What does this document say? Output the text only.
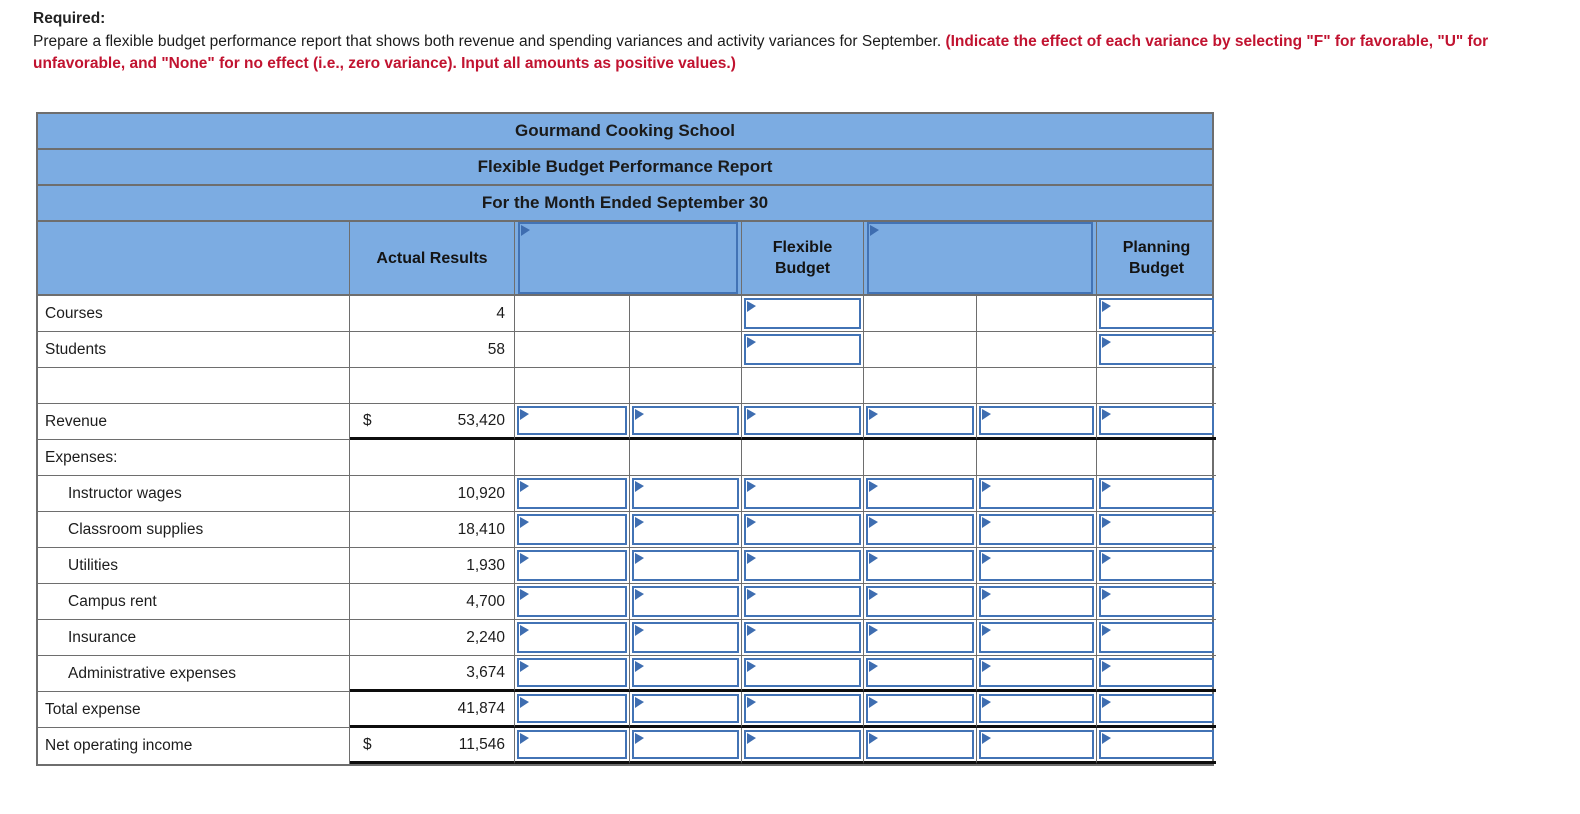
Required:
Prepare a flexible budget performance report that shows both revenue and spending variances and activity variances for September. (Indicate the effect of each variance by selecting "F" for favorable, "U" for unfavorable, and "None" for no effect (i.e., zero variance). Input all amounts as positive values.)
Gourmand Cooking School
Flexible Budget Performance Report
For the Month Ended September 30
Actual Results
Flexible Budget
Planning Budget
Courses	4
Students	58
Revenue	$	53,420
Expenses:
Instructor wages	10,920
Classroom supplies	18,410
Utilities	1,930
Campus rent	4,700
Insurance	2,240
Administrative expenses	3,674
Total expense	41,874
Net operating income	$	11,546
